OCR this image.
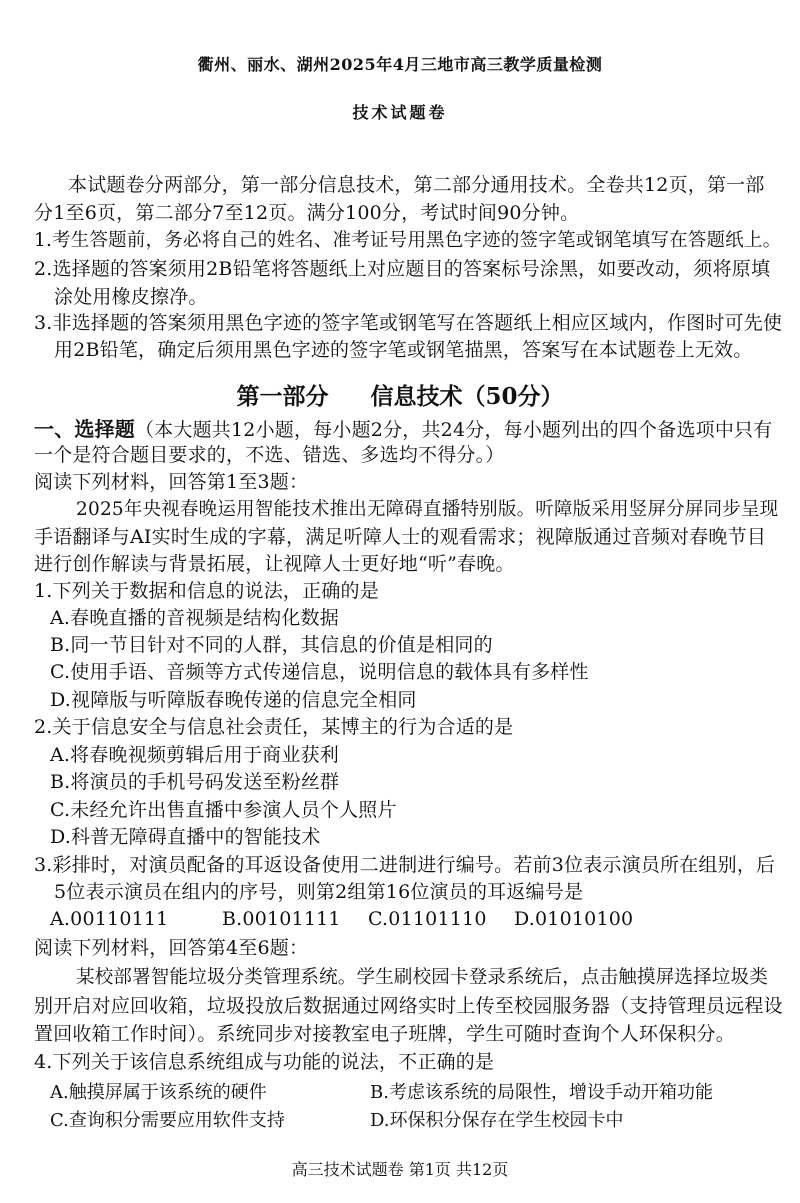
衢州、丽水、湖州2025年4月三地市高三教学质量检测
技术试题卷
本试题卷分两部分，第一部分信息技术，第二部分通用技术。全卷共12页，第一部
分1至6页，第二部分7至12页。满分100分，考试时间90分钟。
1.考生答题前，务必将自己的姓名、准考证号用黑色字迹的签字笔或钢笔填写在答题纸上。
2.选择题的答案须用2B铅笔将答题纸上对应题目的答案标号涂黑，如要改动，须将原填
涂处用橡皮擦净。
3.非选择题的答案须用黑色字迹的签字笔或钢笔写在答题纸上相应区域内，作图时可先使
用2B铅笔，确定后须用黑色字迹的签字笔或钢笔描黑，答案写在本试题卷上无效。
第一部分 信息技术（50分）
一、选择题（本大题共12小题，每小题2分，共24分，每小题列出的四个备选项中只有
一个是符合题目要求的，不选、错选、多选均不得分。）
阅读下列材料，回答第1至3题：
2025年央视春晚运用智能技术推出无障碍直播特别版。听障版采用竖屏分屏同步呈现
手语翻译与AI实时生成的字幕，满足听障人士的观看需求；视障版通过音频对春晚节目
进行创作解读与背景拓展，让视障人士更好地“听”春晚。
1.下列关于数据和信息的说法，正确的是
A.春晚直播的音视频是结构化数据
B.同一节目针对不同的人群，其信息的价值是相同的
C.使用手语、音频等方式传递信息，说明信息的载体具有多样性
D.视障版与听障版春晚传递的信息完全相同
2.关于信息安全与信息社会责任，某博主的行为合适的是
A.将春晚视频剪辑后用于商业获利
B.将演员的手机号码发送至粉丝群
C.未经允许出售直播中参演人员个人照片
D.科普无障碍直播中的智能技术
3.彩排时，对演员配备的耳返设备使用二进制进行编号。若前3位表示演员所在组别，后
5位表示演员在组内的序号，则第2组第16位演员的耳返编号是
A.00110111	B.00101111 C.01101110 D.01010100
阅读下列材料，回答第4至6题：
某校部署智能垃圾分类管理系统。学生刷校园卡登录系统后，点击触摸屏选择垃圾类
别开启对应回收箱，垃圾投放后数据通过网络实时上传至校园服务器（支持管理员远程设
置回收箱工作时间）。系统同步对接教室电子班牌，学生可随时查询个人环保积分。
4.下列关于该信息系统组成与功能的说法，不正确的是
A.触摸屏属于该系统的硬件	B.考虑该系统的局限性，增设手动开箱功能
C.查询积分需要应用软件支持	D.环保积分保存在学生校园卡中
高三技术试题卷 第1页 共12页
